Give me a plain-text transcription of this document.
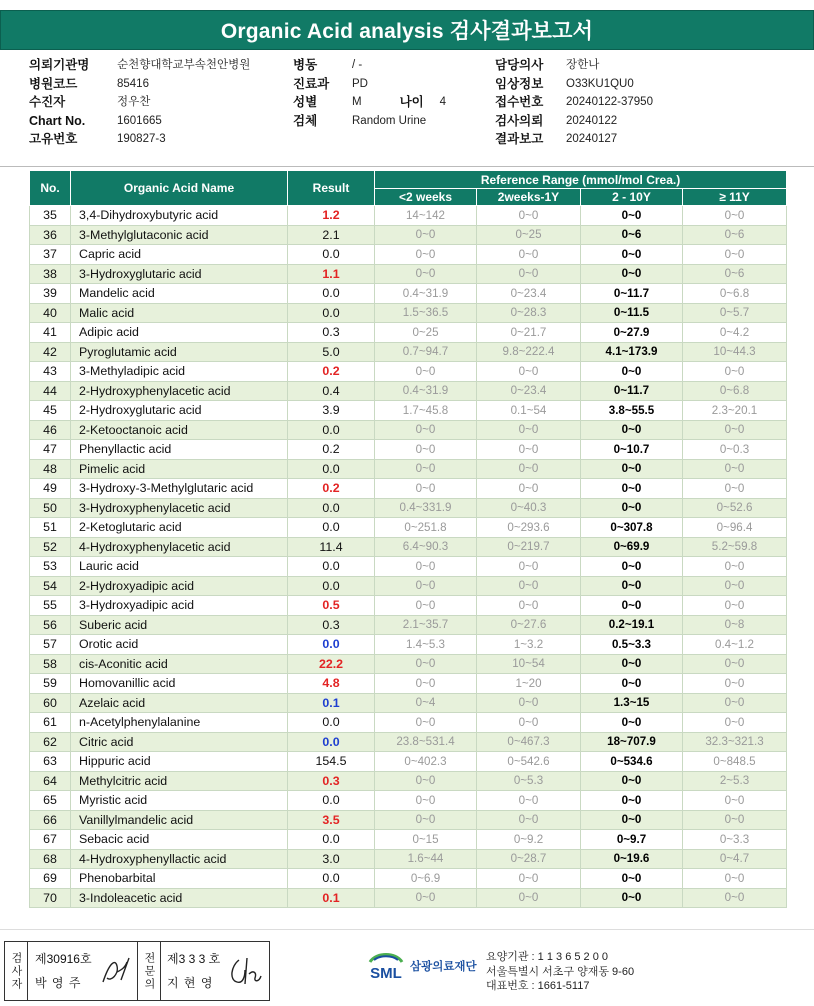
Organic Acid analysis 검사결과보고서
의뢰기관명	순천향대학교부속천안병원
병원코드	85416
수진자	정우찬
Chart No.	1601665
고유번호	190827-3
병동	/ -
진료과	PD
성별	M	나이	4
검체	Random Urine
담당의사	장한나
임상정보	O33KU1QU0
접수번호	20240122-37950
검사의뢰	20240122
결과보고	20240127
No.	Organic Acid Name	Result	Reference Range (mmol/mol Crea.)			
			<2 weeks	2weeks-1Y	2 - 10Y	≥ 11Y
35	3,4-Dihydroxybutyric acid	1.2	14~142	0~0	0~0	0~0
36	3-Methylglutaconic acid	2.1	0~0	0~25	0~6	0~6
37	Capric acid	0.0	0~0	0~0	0~0	0~0
38	3-Hydroxyglutaric acid	1.1	0~0	0~0	0~0	0~6
39	Mandelic acid	0.0	0.4~31.9	0~23.4	0~11.7	0~6.8
40	Malic acid	0.0	1.5~36.5	0~28.3	0~11.5	0~5.7
41	Adipic acid	0.3	0~25	0~21.7	0~27.9	0~4.2
42	Pyroglutamic acid	5.0	0.7~94.7	9.8~222.4	4.1~173.9	10~44.3
43	3-Methyladipic acid	0.2	0~0	0~0	0~0	0~0
44	2-Hydroxyphenylacetic acid	0.4	0.4~31.9	0~23.4	0~11.7	0~6.8
45	2-Hydroxyglutaric acid	3.9	1.7~45.8	0.1~54	3.8~55.5	2.3~20.1
46	2-Ketooctanoic acid	0.0	0~0	0~0	0~0	0~0
47	Phenyllactic acid	0.2	0~0	0~0	0~10.7	0~0.3
48	Pimelic acid	0.0	0~0	0~0	0~0	0~0
49	3-Hydroxy-3-Methylglutaric acid	0.2	0~0	0~0	0~0	0~0
50	3-Hydroxyphenylacetic acid	0.0	0.4~331.9	0~40.3	0~0	0~52.6
51	2-Ketoglutaric acid	0.0	0~251.8	0~293.6	0~307.8	0~96.4
52	4-Hydroxyphenylacetic acid	11.4	6.4~90.3	0~219.7	0~69.9	5.2~59.8
53	Lauric acid	0.0	0~0	0~0	0~0	0~0
54	2-Hydroxyadipic acid	0.0	0~0	0~0	0~0	0~0
55	3-Hydroxyadipic acid	0.5	0~0	0~0	0~0	0~0
56	Suberic acid	0.3	2.1~35.7	0~27.6	0.2~19.1	0~8
57	Orotic acid	0.0	1.4~5.3	1~3.2	0.5~3.3	0.4~1.2
58	cis-Aconitic acid	22.2	0~0	10~54	0~0	0~0
59	Homovanillic acid	4.8	0~0	1~20	0~0	0~0
60	Azelaic acid	0.1	0~4	0~0	1.3~15	0~0
61	n-Acetylphenylalanine	0.0	0~0	0~0	0~0	0~0
62	Citric acid	0.0	23.8~531.4	0~467.3	18~707.9	32.3~321.3
63	Hippuric acid	154.5	0~402.3	0~542.6	0~534.6	0~848.5
64	Methylcitric acid	0.3	0~0	0~5.3	0~0	2~5.3
65	Myristic acid	0.0	0~0	0~0	0~0	0~0
66	Vanillylmandelic acid	3.5	0~0	0~0	0~0	0~0
67	Sebacic acid	0.0	0~15	0~9.2	0~9.7	0~3.3
68	4-Hydroxyphenyllactic acid	3.0	1.6~44	0~28.7	0~19.6	0~4.7
69	Phenobarbital	0.0	0~6.9	0~0	0~0	0~0
70	3-Indoleacetic acid	0.1	0~0	0~0	0~0	0~0
검사자	제30916호
박 영 주	전문의	제3 3 3 호
지 현 영
SML 삼광의료재단
요양기관 : 1 1 3 6 5 2 0 0
서울특별시 서초구 양재동 9-60
대표번호 : 1661-5117
